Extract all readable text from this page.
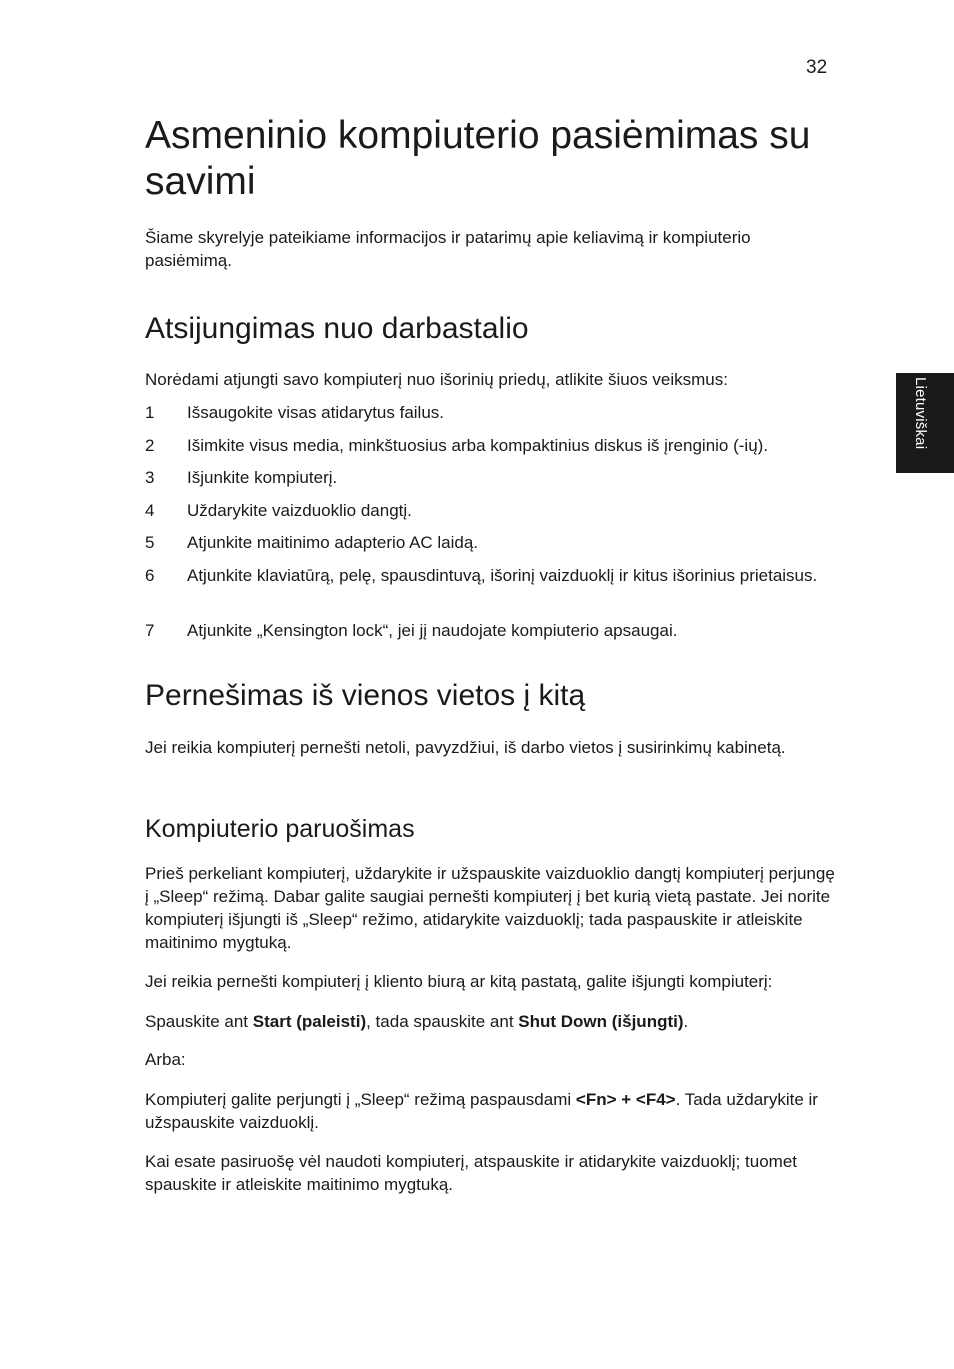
32
Lietuviškai
Asmeninio kompiuterio pasiėmimas su savimi

Šiame skyrelyje pateikiame informacijos ir patarimų apie keliavimą ir kompiuterio pasiėmimą.

Atsijungimas nuo darbastalio

Norėdami atjungti savo kompiuterį nuo išorinių priedų, atlikite šiuos veiksmus:

1 Išsaugokite visas atidarytus failus.
2 Išimkite visus media, minkštuosius arba kompaktinius diskus iš įrenginio (-ių).
3 Išjunkite kompiuterį.
4 Uždarykite vaizduoklio dangtį.
5 Atjunkite maitinimo adapterio AC laidą.
6 Atjunkite klaviatūrą, pelę, spausdintuvą, išorinį vaizduoklį ir kitus išorinius prietaisus.
7 Atjunkite „Kensington lock“, jei jį naudojate kompiuterio apsaugai.
Pernešimas iš vienos vietos į kitą

Jei reikia kompiuterį pernešti netoli, pavyzdžiui, iš darbo vietos į susirinkimų kabinetą.

Kompiuterio paruošimas

Prieš perkeliant kompiuterį, uždarykite ir užspauskite vaizduoklio dangtį kompiuterį perjungę į „Sleep“ režimą. Dabar galite saugiai pernešti kompiuterį į bet kurią vietą pastate. Jei norite kompiuterį išjungti iš „Sleep“ režimo, atidarykite vaizduoklį; tada paspauskite ir atleiskite maitinimo mygtuką.

Jei reikia pernešti kompiuterį į kliento biurą ar kitą pastatą, galite išjungti kompiuterį:

Spauskite ant Start (paleisti), tada spauskite ant Shut Down (išjungti).

Arba:

Kompiuterį galite perjungti į „Sleep“ režimą paspausdami <Fn> + <F4>. Tada uždarykite ir užspauskite vaizduoklį.

Kai esate pasiruošę vėl naudoti kompiuterį, atspauskite ir atidarykite vaizduoklį; tuomet spauskite ir atleiskite maitinimo mygtuką.
